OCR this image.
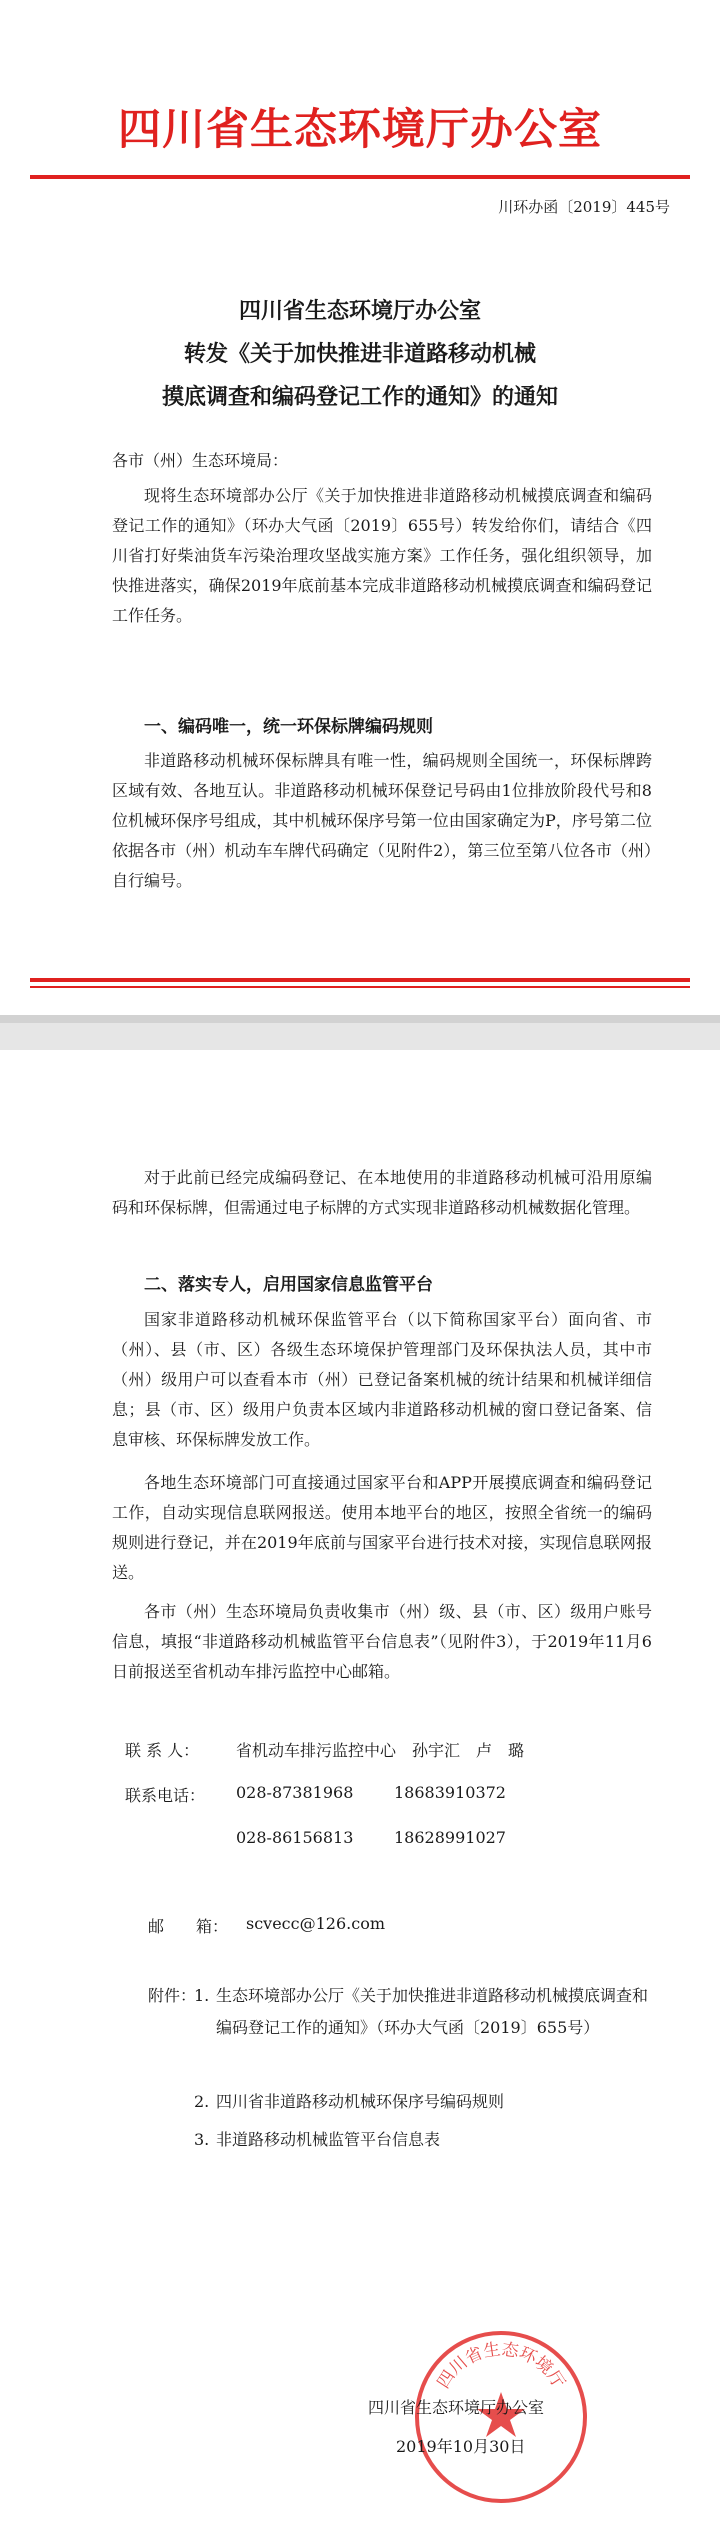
四川省生态环境厅办公室
川环办函〔2019〕445号
四川省生态环境厅办公室
转发《关于加快推进非道路移动机械
摸底调查和编码登记工作的通知》的通知

各市（州）生态环境局：

现将生态环境部办公厅《关于加快推进非道路移动机械摸底调查和编码登记工作的通知》（环办大气函〔2019〕655号）转发给你们，请结合《四川省打好柴油货车污染治理攻坚战实施方案》工作任务，强化组织领导，加快推进落实，确保2019年底前基本完成非道路移动机械摸底调查和编码登记工作任务。

一、编码唯一，统一环保标牌编码规则

非道路移动机械环保标牌具有唯一性，编码规则全国统一，环保标牌跨区域有效、各地互认。非道路移动机械环保登记号码由1位排放阶段代号和8位机械环保序号组成，其中机械环保序号第一位由国家确定为P，序号第二位依据各市（州）机动车车牌代码确定（见附件2），第三位至第八位各市（州）自行编号。

对于此前已经完成编码登记、在本地使用的非道路移动机械可沿用原编码和环保标牌，但需通过电子标牌的方式实现非道路移动机械数据化管理。

二、落实专人，启用国家信息监管平台

国家非道路移动机械环保监管平台（以下简称国家平台）面向省、市（州）、县（市、区）各级生态环境保护管理部门及环保执法人员，其中市（州）级用户可以查看本市（州）已登记备案机械的统计结果和机械详细信息；县（市、区）级用户负责本区域内非道路移动机械的窗口登记备案、信息审核、环保标牌发放工作。

各地生态环境部门可直接通过国家平台和APP开展摸底调查和编码登记工作，自动实现信息联网报送。使用本地平台的地区，按照全省统一的编码规则进行登记，并在2019年底前与国家平台进行技术对接，实现信息联网报送。

各市（州）生态环境局负责收集市（州）级、县（市、区）级用户账号信息，填报“非道路移动机械监管平台信息表”（见附件3），于2019年11月6日前报送至省机动车排污监控中心邮箱。

联 系 人： 省机动车排污监控中心　孙宇汇　卢　璐
联系电话： 028-87381968	18683910372
028-86156813	18628991027
邮　　箱： scvecc@126.com
附件：
1. 生态环境部办公厅《关于加快推进非道路移动机械摸底调查和编码登记工作的通知》（环办大气函〔2019〕655号）
2. 四川省非道路移动机械环保序号编码规则
3. 非道路移动机械监管平台信息表
四川省生态环境厅
四川省生态环境厅办公室
2019年10月30日
